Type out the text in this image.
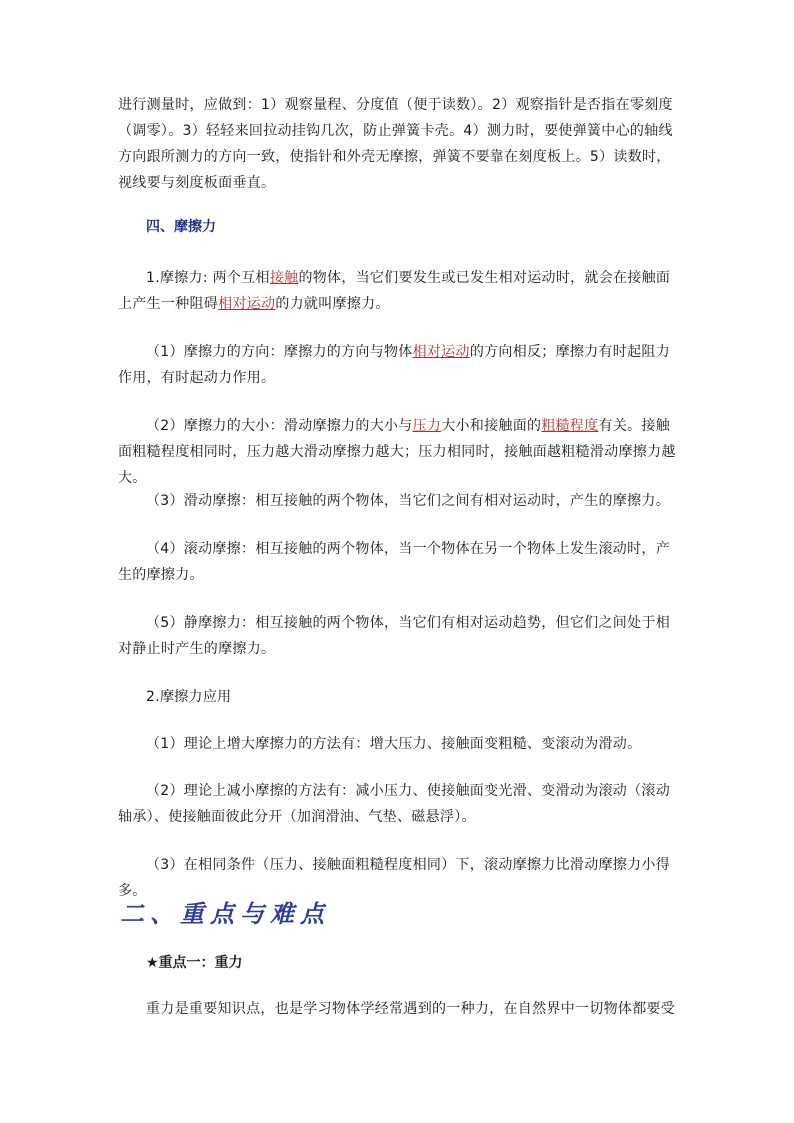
进行测量时，应做到：1）观察量程、分度值（便于读数）。2）观察指针是否指在零刻度（调零）。3）轻轻来回拉动挂钩几次，防止弹簧卡壳。4）测力时，要使弹簧中心的轴线方向跟所测力的方向一致，使指针和外壳无摩擦，弹簧不要靠在刻度板上。5）读数时，视线要与刻度板面垂直。

四、摩擦力

1.摩擦力: 两个互相接触的物体，当它们要发生或已发生相对运动时，就会在接触面上产生一种阻碍相对运动的力就叫摩擦力。

（1）摩擦力的方向：摩擦力的方向与物体相对运动的方向相反；摩擦力有时起阻力作用，有时起动力作用。

（2）摩擦力的大小：滑动摩擦力的大小与压力大小和接触面的粗糙程度有关。接触面粗糙程度相同时，压力越大滑动摩擦力越大；压力相同时，接触面越粗糙滑动摩擦力越大。

（3）滑动摩擦：相互接触的两个物体，当它们之间有相对运动时，产生的摩擦力。

（4）滚动摩擦：相互接触的两个物体，当一个物体在另一个物体上发生滚动时，产生的摩擦力。

（5）静摩擦力：相互接触的两个物体，当它们有相对运动趋势，但它们之间处于相对静止时产生的摩擦力。

2.摩擦力应用

（1）理论上增大摩擦力的方法有：增大压力、接触面变粗糙、变滚动为滑动。

（2）理论上减小摩擦的方法有：减小压力、使接触面变光滑、变滑动为滚动（滚动轴承）、使接触面彼此分开（加润滑油、气垫、磁悬浮）。

（3）在相同条件（压力、接触面粗糙程度相同）下，滚动摩擦力比滑动摩擦力小得多。

二、重点与难点

★重点一：重力

重力是重要知识点，也是学习物体学经常遇到的一种力，在自然界中一切物体都要受
